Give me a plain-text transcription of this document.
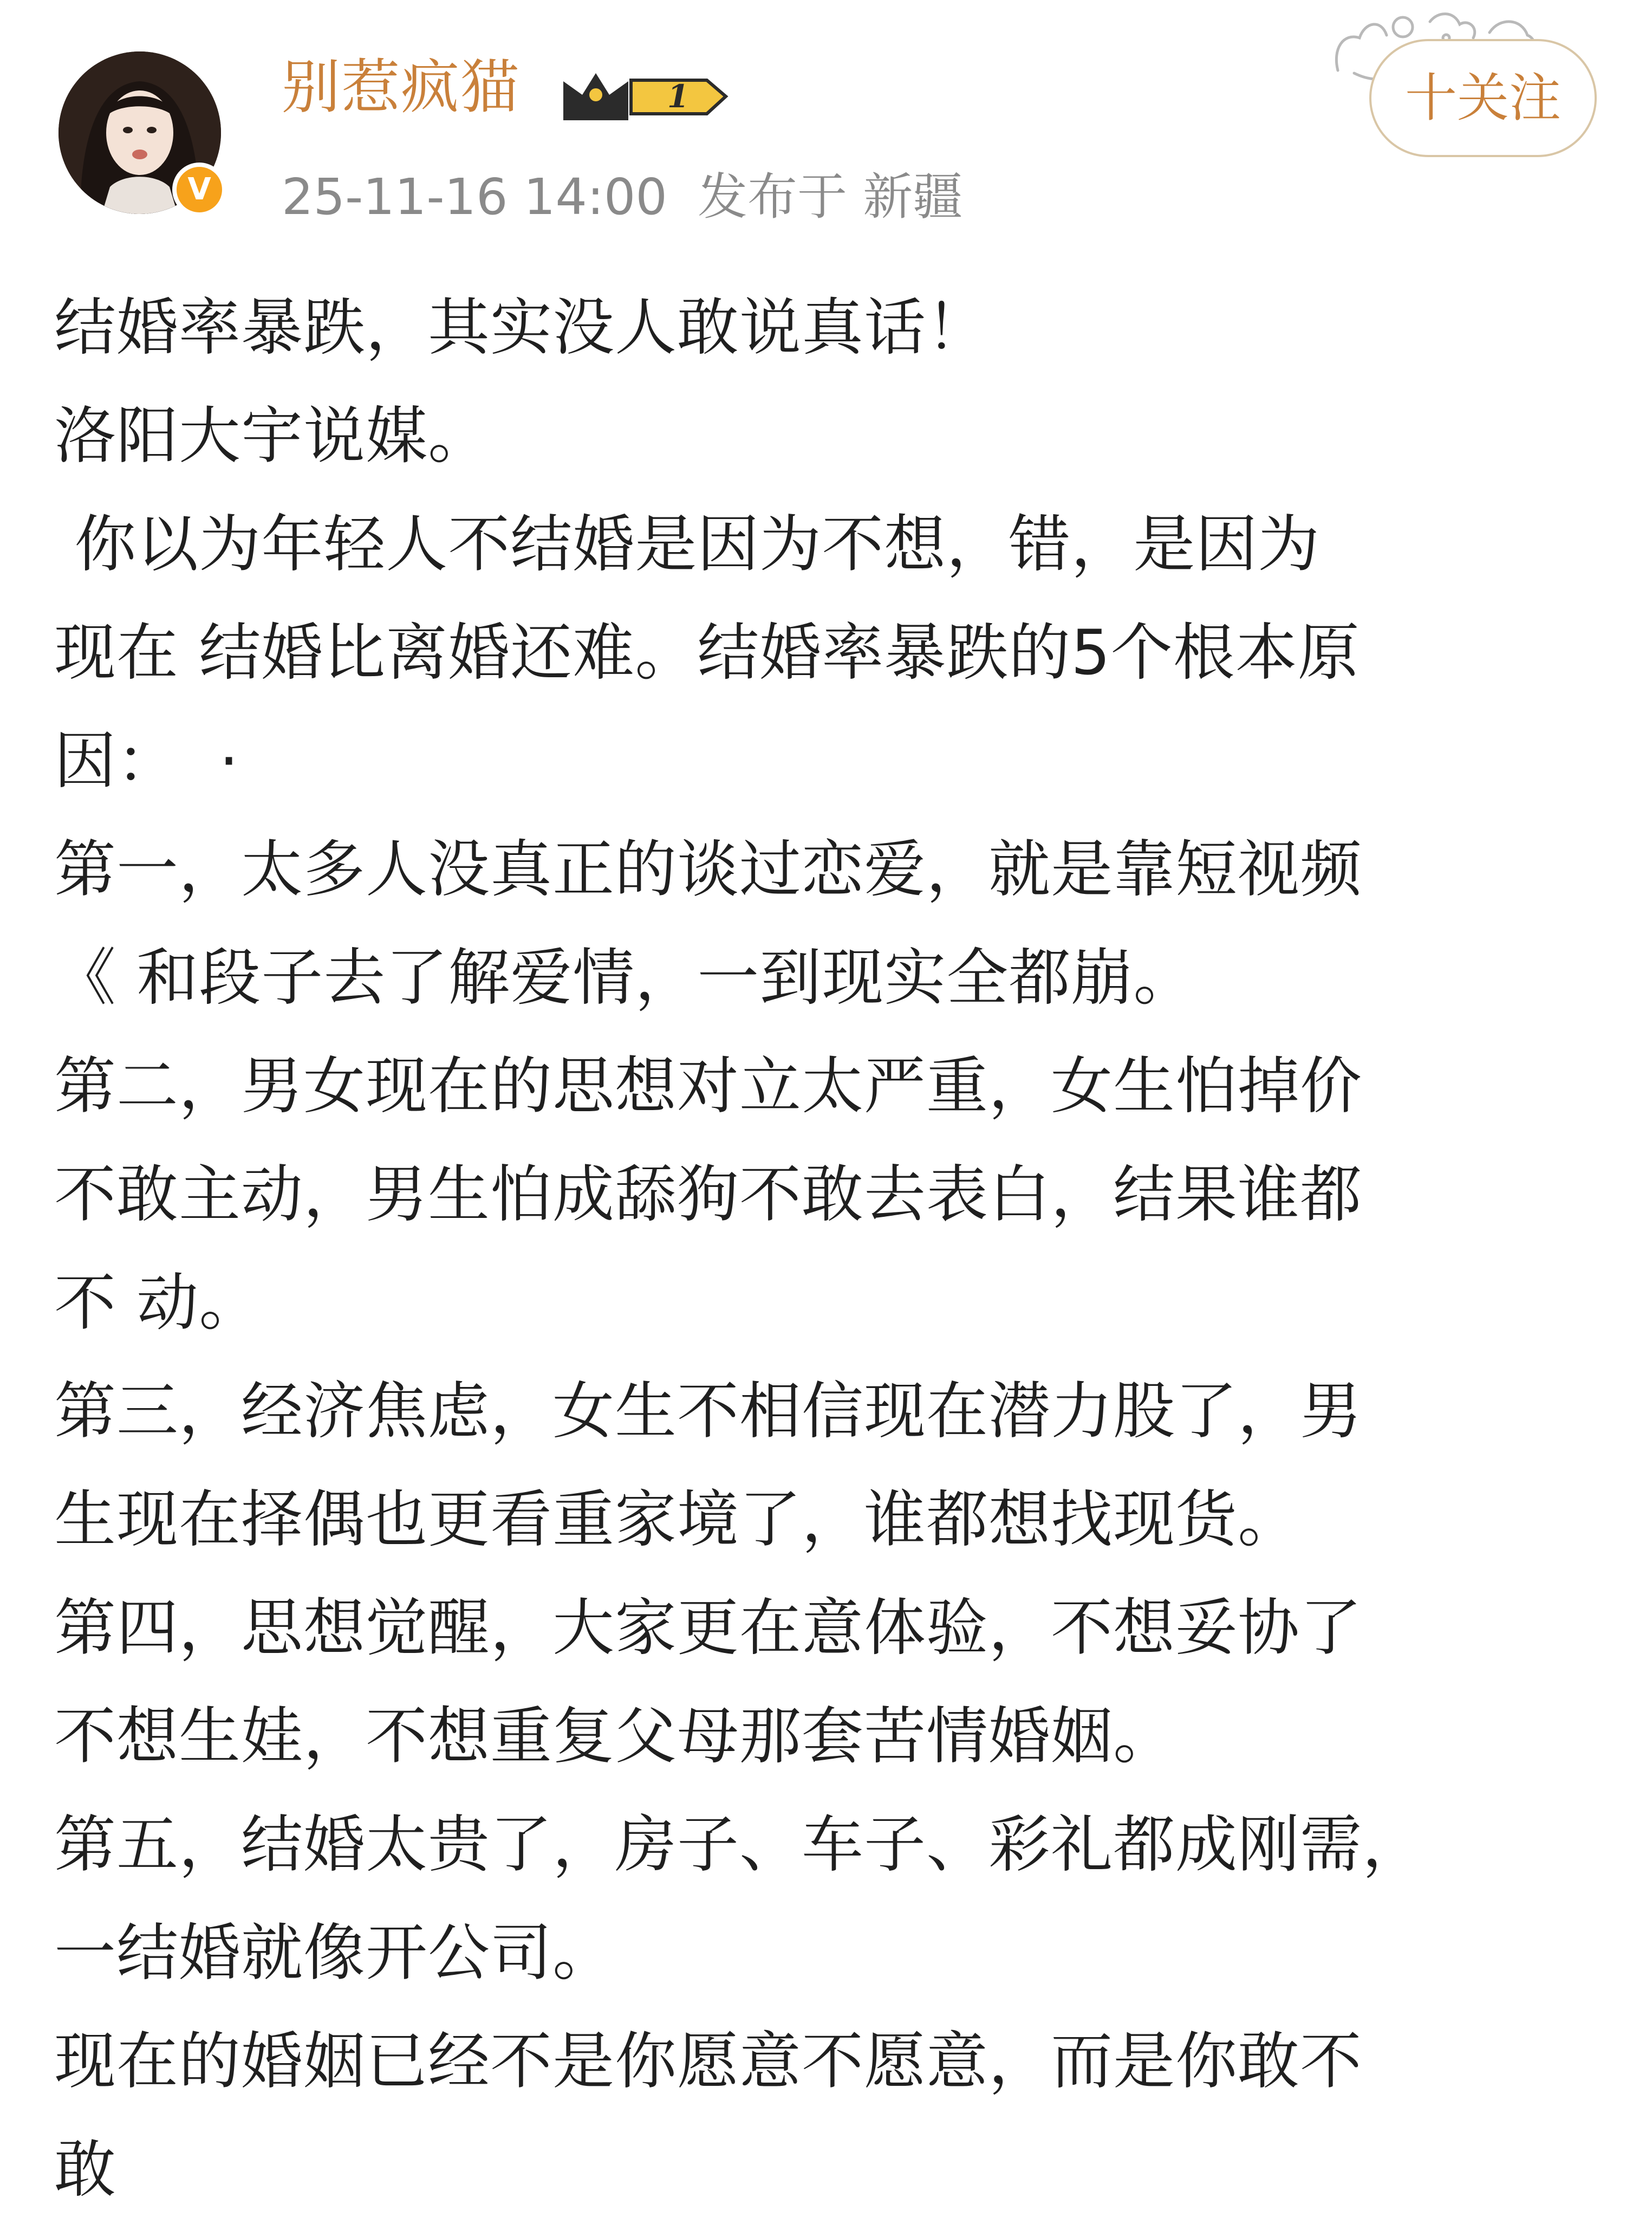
V
别惹疯猫	1
25-11-16 14:00 发布于 新疆
十关注
结婚率暴跌，其实没人敢说真话！
洛阳大宇说媒。
你以为年轻人不结婚是因为不想，错，是因为
现在 结婚比离婚还难。结婚率暴跌的5个根本原
因：  ·
第一，太多人没真正的谈过恋爱，就是靠短视频
《 和段子去了解爱情，一到现实全都崩。
第二，男女现在的思想对立太严重，女生怕掉价
不敢主动，男生怕成舔狗不敢去表白，结果谁都
不 动。
第三，经济焦虑，女生不相信现在潜力股了，男
生现在择偶也更看重家境了，谁都想找现货。
第四，思想觉醒，大家更在意体验，不想妥协了
不想生娃，不想重复父母那套苦情婚姻。
第五，结婚太贵了，房子、车子、彩礼都成刚需，
一结婚就像开公司。
现在的婚姻已经不是你愿意不愿意，而是你敢不
敢
